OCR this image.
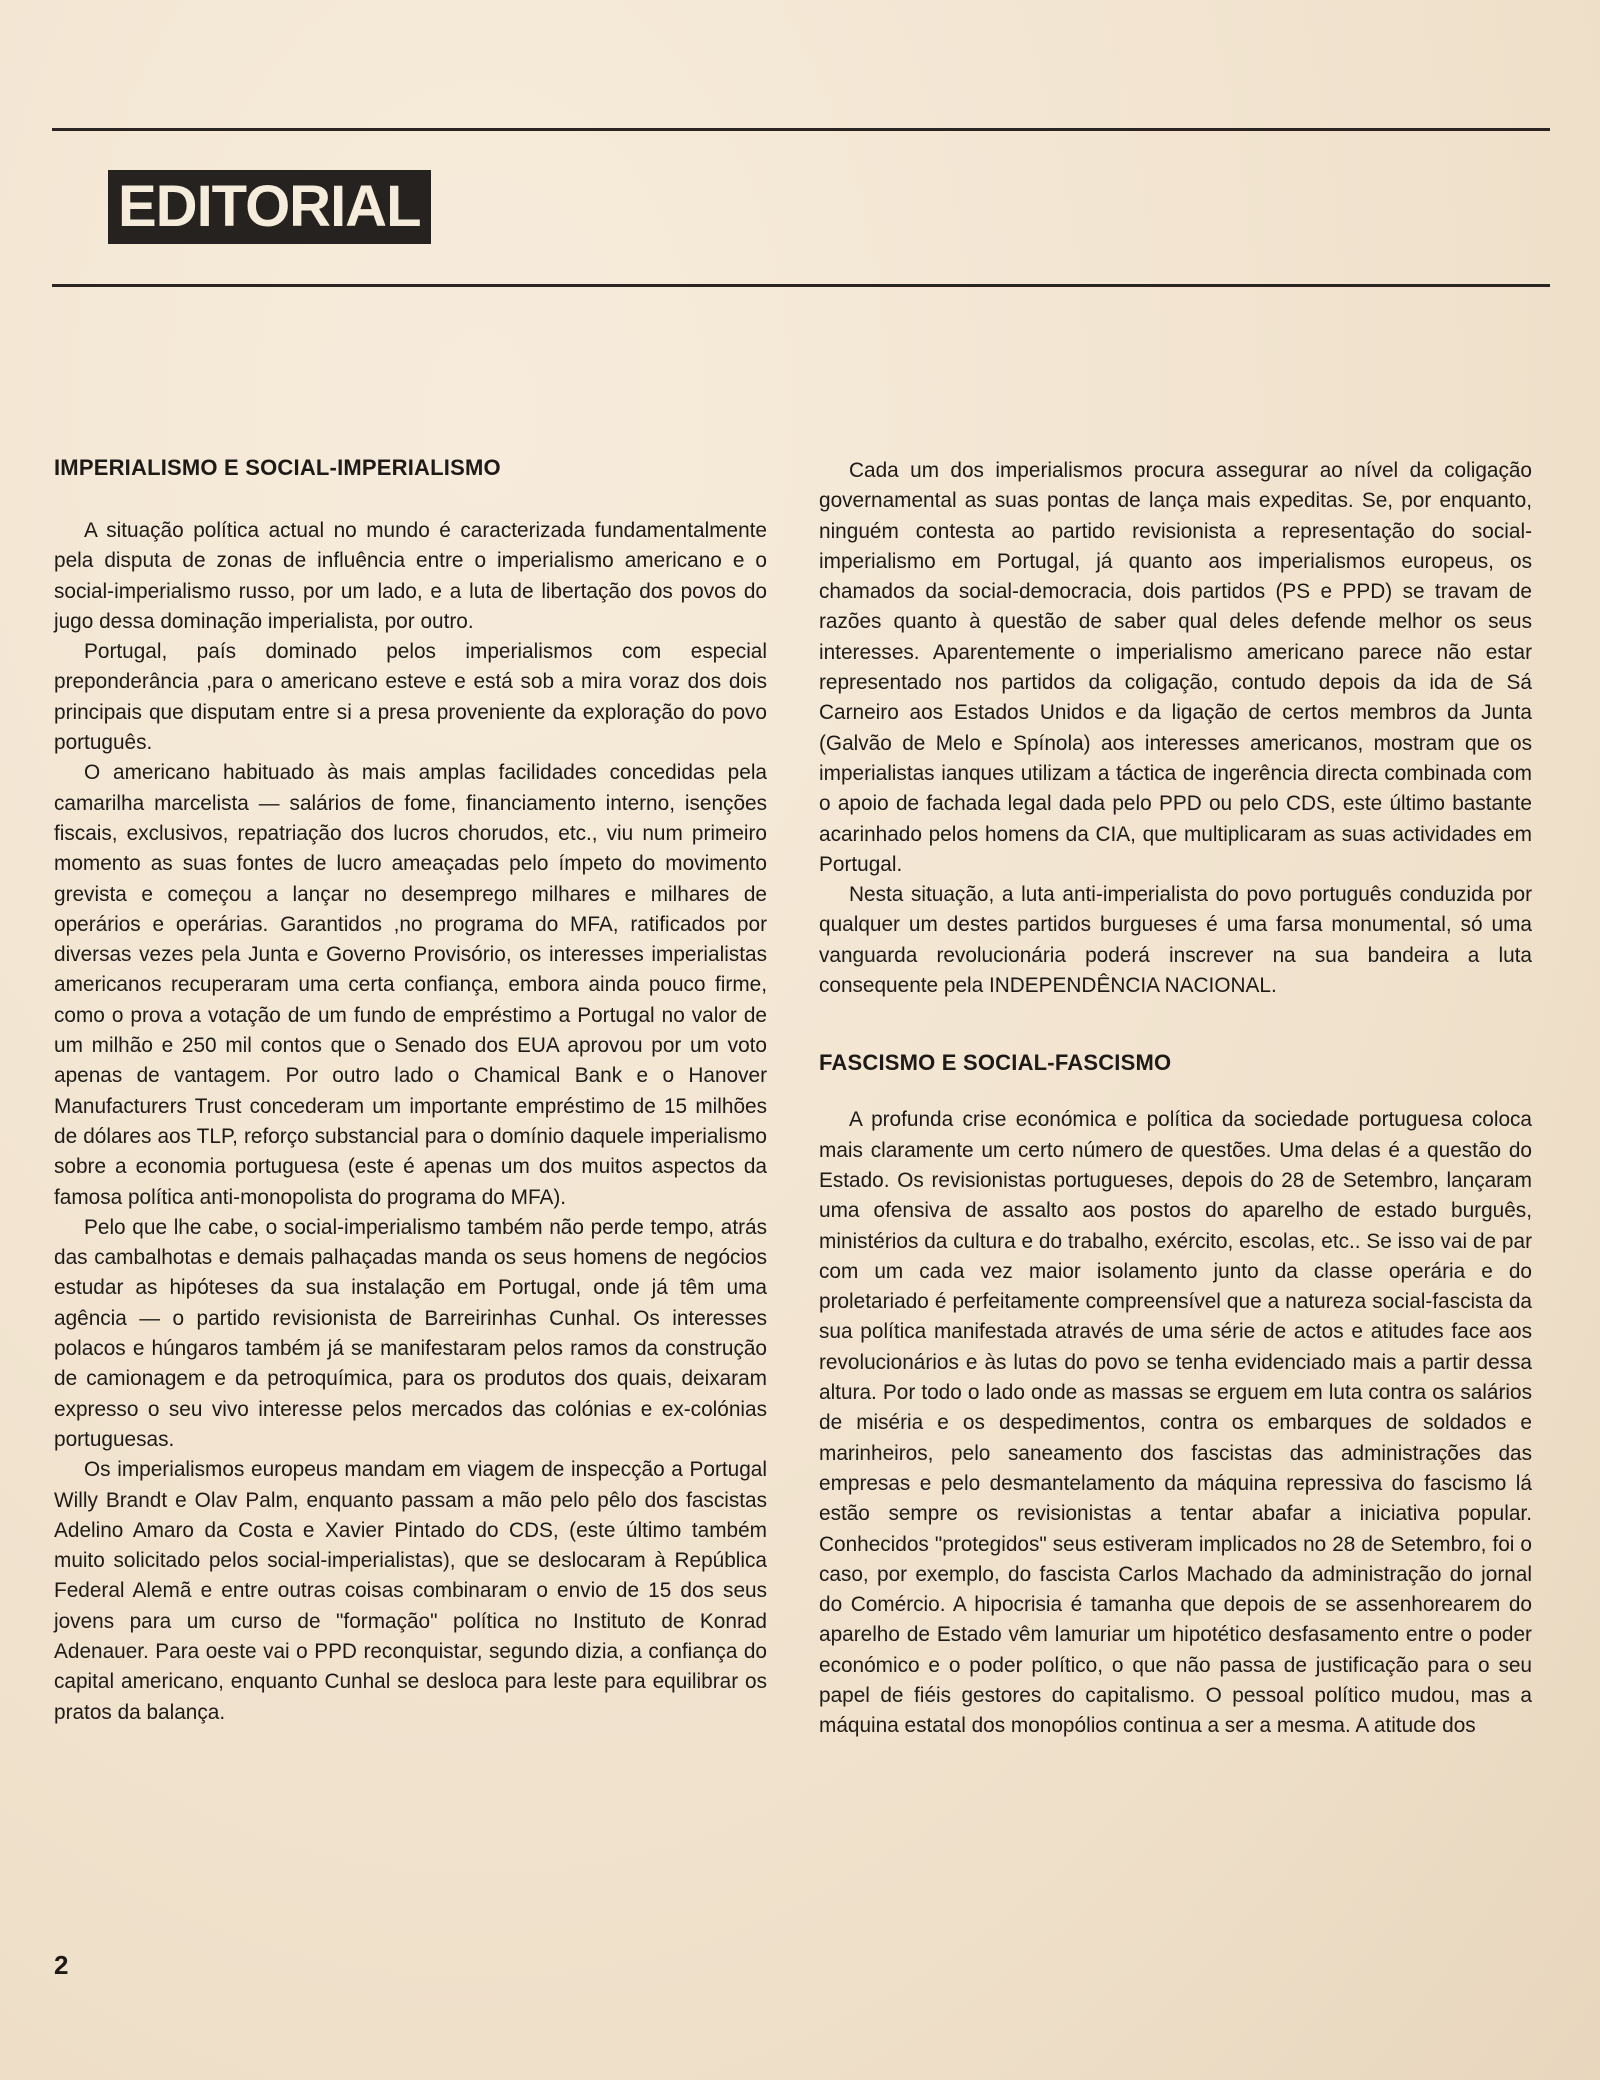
EDITORIAL
IMPERIALISMO E SOCIAL-IMPERIALISMO

A situação política actual no mundo é caracterizada fundamentalmente pela disputa de zonas de influência entre o imperialismo americano e o social-imperialismo russo, por um lado, e a luta de libertação dos povos do jugo dessa dominação imperialista, por outro.

Portugal, país dominado pelos imperialismos com especial preponderância ,para o americano esteve e está sob a mira voraz dos dois principais que disputam entre si a presa proveniente da exploração do povo português.

O americano habituado às mais amplas facilidades concedidas pela camarilha marcelista — salários de fome, financiamento interno, isenções fiscais, exclusivos, repatriação dos lucros chorudos, etc., viu num primeiro momento as suas fontes de lucro ameaçadas pelo ímpeto do movimento grevista e começou a lançar no desemprego milhares e milhares de operários e operárias. Garantidos ,no programa do MFA, ratificados por diversas vezes pela Junta e Governo Provisório, os interesses imperialistas americanos recuperaram uma certa confiança, embora ainda pouco firme, como o prova a votação de um fundo de empréstimo a Portugal no valor de um milhão e 250 mil contos que o Senado dos EUA aprovou por um voto apenas de vantagem. Por outro lado o Chamical Bank e o Hanover Manufacturers Trust concederam um importante empréstimo de 15 milhões de dólares aos TLP, reforço substancial para o domínio daquele imperialismo sobre a economia portuguesa (este é apenas um dos muitos aspectos da famosa política anti-monopolista do programa do MFA).

Pelo que lhe cabe, o social-imperialismo também não perde tempo, atrás das cambalhotas e demais palhaçadas manda os seus homens de negócios estudar as hipóteses da sua instalação em Portugal, onde já têm uma agência — o partido revisionista de Barreirinhas Cunhal. Os interesses polacos e húngaros também já se manifestaram pelos ramos da construção de camionagem e da petroquímica, para os produtos dos quais, deixaram expresso o seu vivo interesse pelos mercados das colónias e ex-colónias portuguesas.

Os imperialismos europeus mandam em viagem de inspecção a Portugal Willy Brandt e Olav Palm, enquanto passam a mão pelo pêlo dos fascistas Adelino Amaro da Costa e Xavier Pintado do CDS, (este último também muito solicitado pelos social-imperialistas), que se deslocaram à República Federal Alemã e entre outras coisas combinaram o envio de 15 dos seus jovens para um curso de "formação" política no Instituto de Konrad Adenauer. Para oeste vai o PPD reconquistar, segundo dizia, a confiança do capital americano, enquanto Cunhal se desloca para leste para equilibrar os pratos da balança.

Cada um dos imperialismos procura assegurar ao nível da coligação governamental as suas pontas de lança mais expeditas. Se, por enquanto, ninguém contesta ao partido revisionista a representação do social-imperialismo em Portugal, já quanto aos imperialismos europeus, os chamados da social-democracia, dois partidos (PS e PPD) se travam de razões quanto à questão de saber qual deles defende melhor os seus interesses. Aparentemente o imperialismo americano parece não estar representado nos partidos da coligação, contudo depois da ida de Sá Carneiro aos Estados Unidos e da ligação de certos membros da Junta (Galvão de Melo e Spínola) aos interesses americanos, mostram que os imperialistas ianques utilizam a táctica de ingerência directa combinada com o apoio de fachada legal dada pelo PPD ou pelo CDS, este último bastante acarinhado pelos homens da CIA, que multiplicaram as suas actividades em Portugal.

Nesta situação, a luta anti-imperialista do povo português conduzida por qualquer um destes partidos burgueses é uma farsa monumental, só uma vanguarda revolucionária poderá inscrever na sua bandeira a luta consequente pela INDEPENDÊNCIA NACIONAL.

FASCISMO E SOCIAL-FASCISMO

A profunda crise económica e política da sociedade portuguesa coloca mais claramente um certo número de questões. Uma delas é a questão do Estado. Os revisionistas portugueses, depois do 28 de Setembro, lançaram uma ofensiva de assalto aos postos do aparelho de estado burguês, ministérios da cultura e do trabalho, exército, escolas, etc.. Se isso vai de par com um cada vez maior isolamento junto da classe operária e do proletariado é perfeitamente compreensível que a natureza social-fascista da sua política manifestada através de uma série de actos e atitudes face aos revolucionários e às lutas do povo se tenha evidenciado mais a partir dessa altura. Por todo o lado onde as massas se erguem em luta contra os salários de miséria e os despedimentos, contra os embarques de soldados e marinheiros, pelo saneamento dos fascistas das administrações das empresas e pelo desmantelamento da máquina repressiva do fascismo lá estão sempre os revisionistas a tentar abafar a iniciativa popular. Conhecidos "protegidos" seus estiveram implicados no 28 de Setembro, foi o caso, por exemplo, do fascista Carlos Machado da administração do jornal do Comércio. A hipocrisia é tamanha que depois de se assenhorearem do aparelho de Estado vêm lamuriar um hipotético desfasamento entre o poder económico e o poder político, o que não passa de justificação para o seu papel de fiéis gestores do capitalismo. O pessoal político mudou, mas a máquina estatal dos monopólios continua a ser a mesma. A atitude dos

2
